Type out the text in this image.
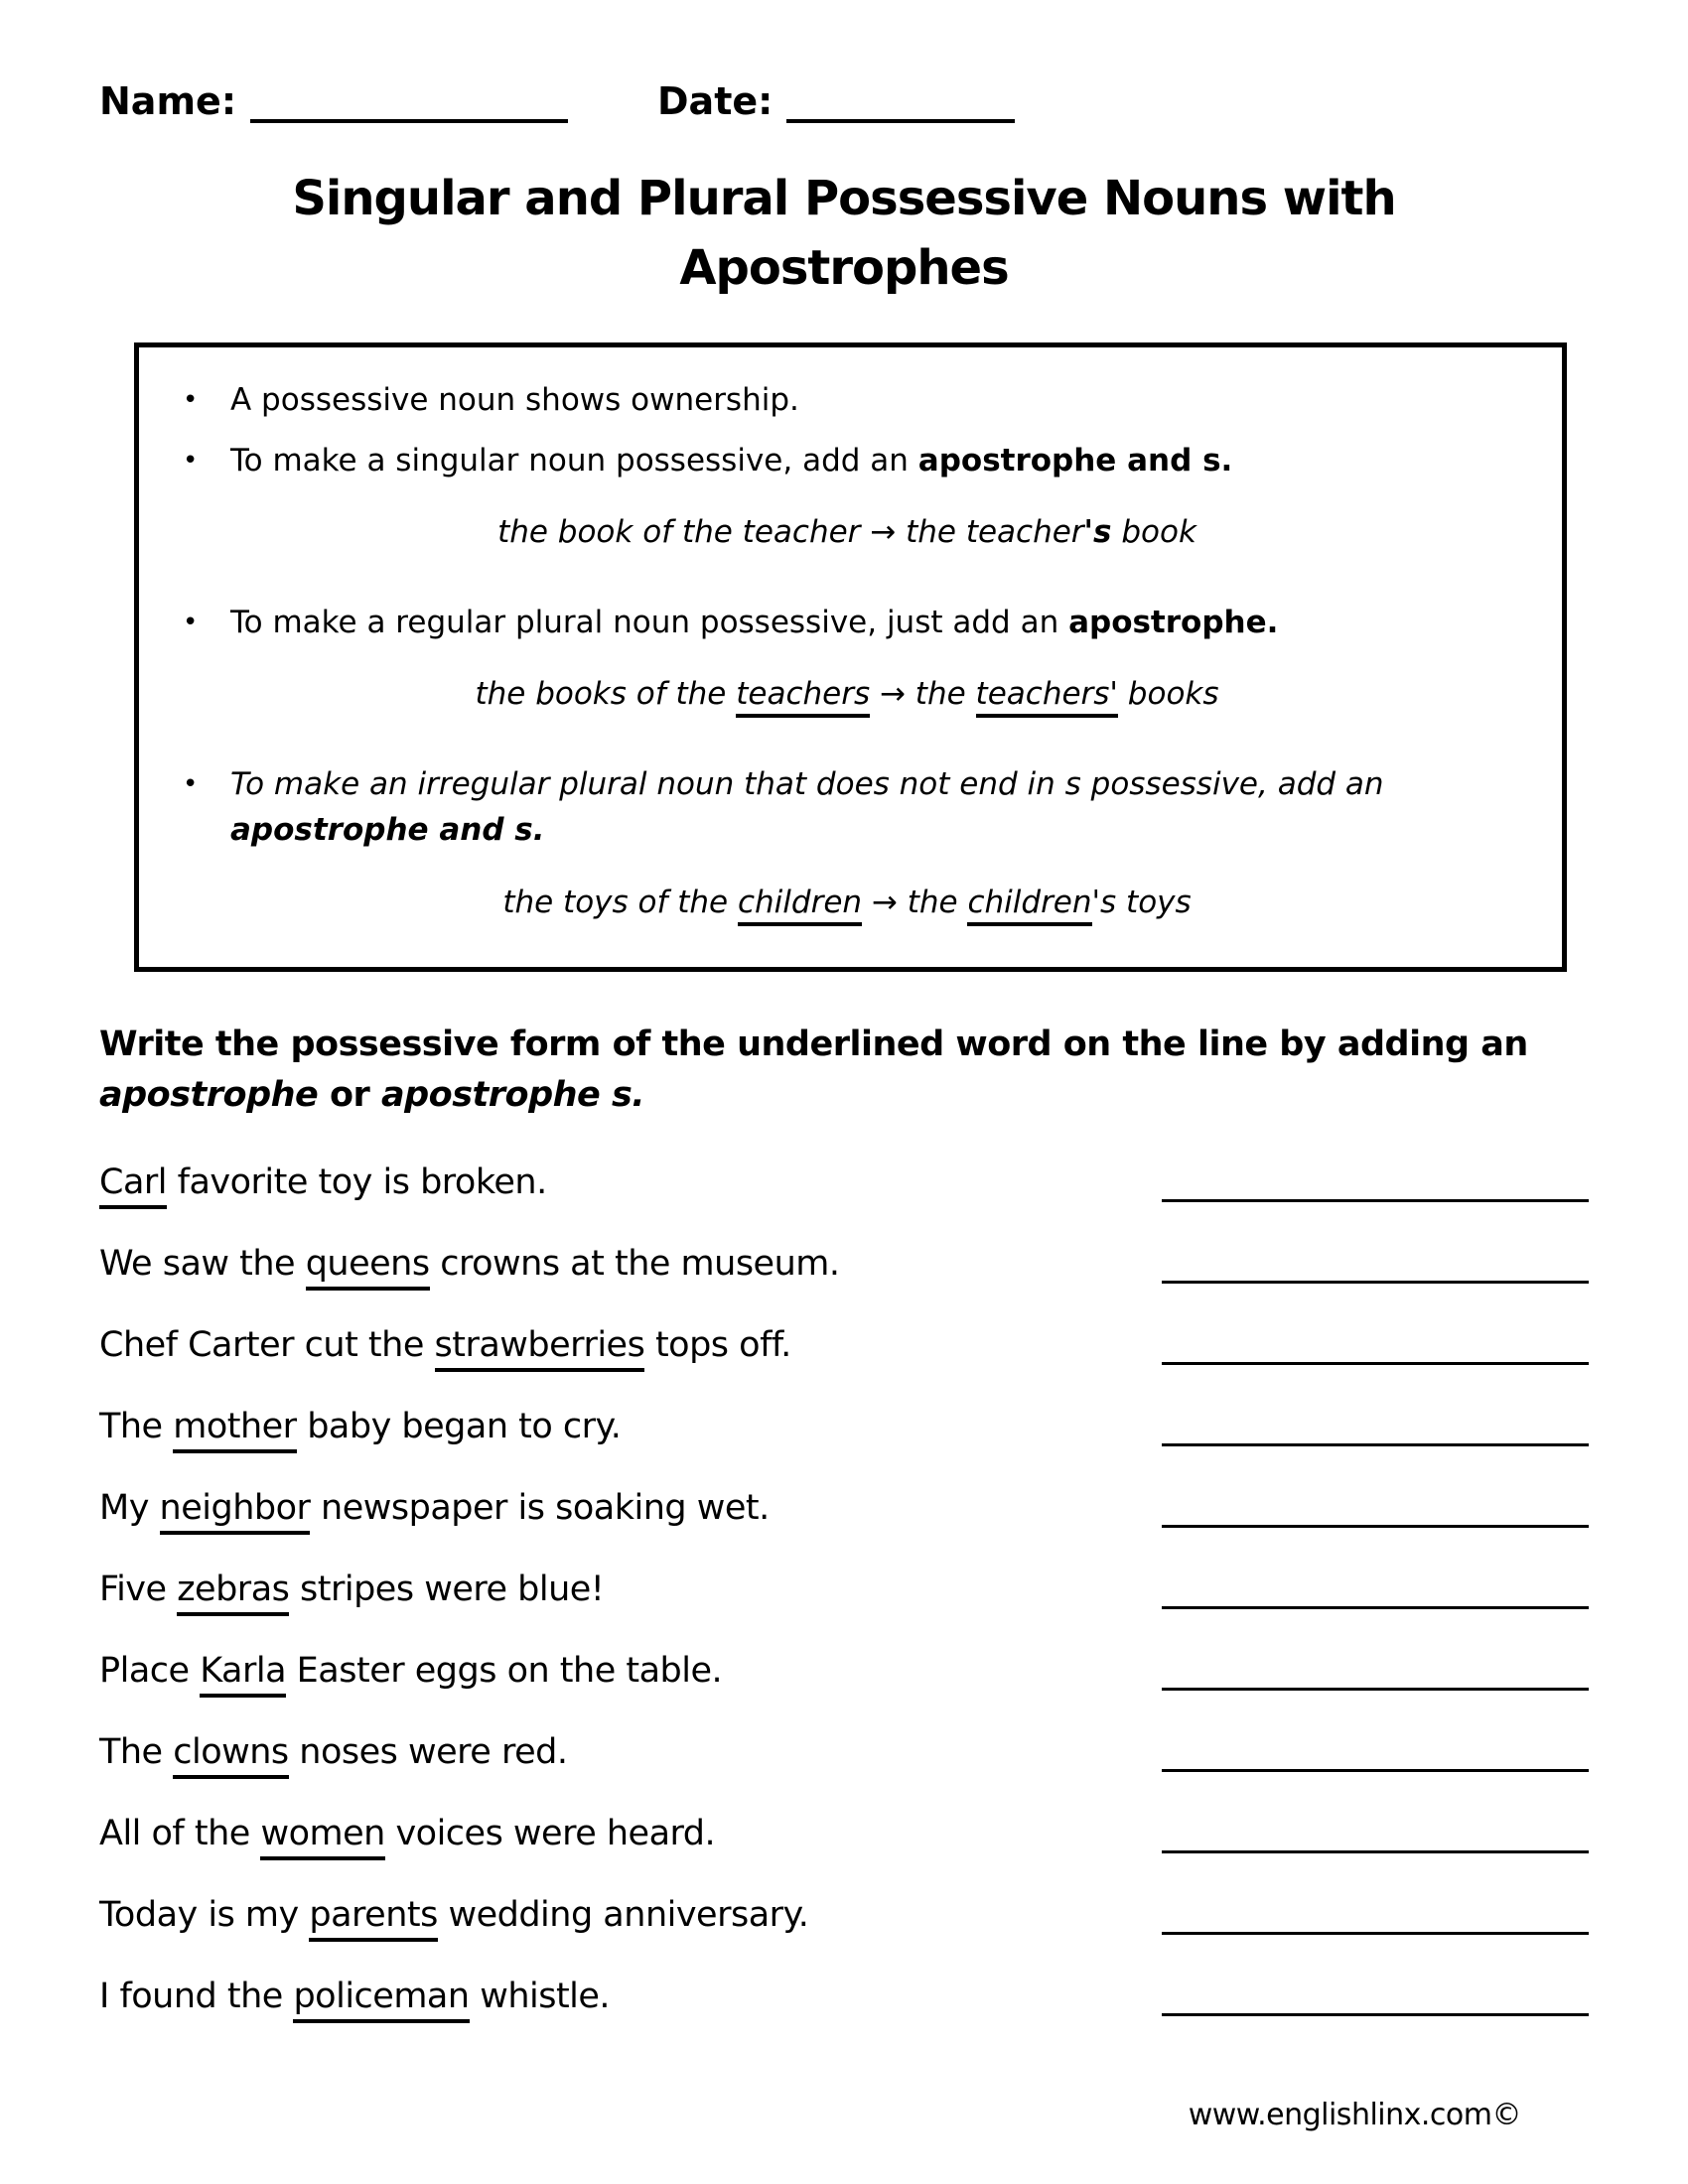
Name:	Date:
Singular and Plural Possessive Nouns with
Apostrophes
•	A possessive noun shows ownership.
•	To make a singular noun possessive, add an apostrophe and s.
the book of the teacher → the teacher's book
•	To make a regular plural noun possessive, just add an apostrophe.
the books of the teachers → the teachers' books
•	To make an irregular plural noun that does not end in s possessive, add an apostrophe and s.
the toys of the children → the children's toys
Write the possessive form of the underlined word on the line by adding an apostrophe or apostrophe s.
Carl favorite toy is broken.
We saw the queens crowns at the museum.
Chef Carter cut the strawberries tops off.
The mother baby began to cry.
My neighbor newspaper is soaking wet.
Five zebras stripes were blue!
Place Karla Easter eggs on the table.
The clowns noses were red.
All of the women voices were heard.
Today is my parents wedding anniversary.
I found the policeman whistle.
www.englishlinx.com©
